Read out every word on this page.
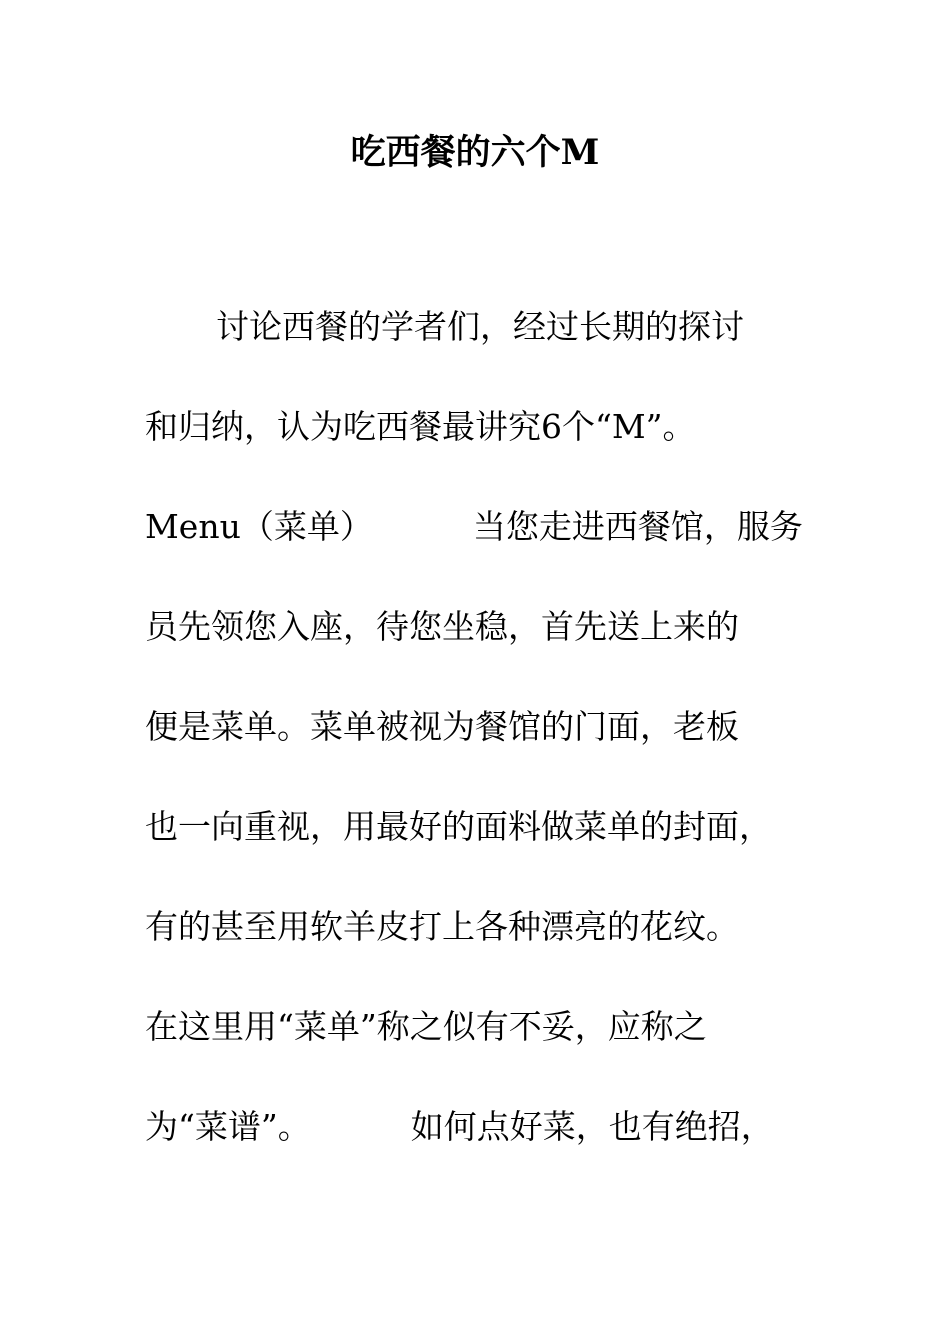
吃西餐的六个M
讨论西餐的学者们，经过长期的探讨
和归纳，认为吃西餐最讲究6个“M”。
Menu（菜单）	当您走进西餐馆，服务
员先领您入座，待您坐稳，首先送上来的
便是菜单。菜单被视为餐馆的门面，老板
也一向重视，用最好的面料做菜单的封面，
有的甚至用软羊皮打上各种漂亮的花纹。
在这里用“菜单”称之似有不妥，应称之
为“菜谱”。	如何点好菜，也有绝招，
